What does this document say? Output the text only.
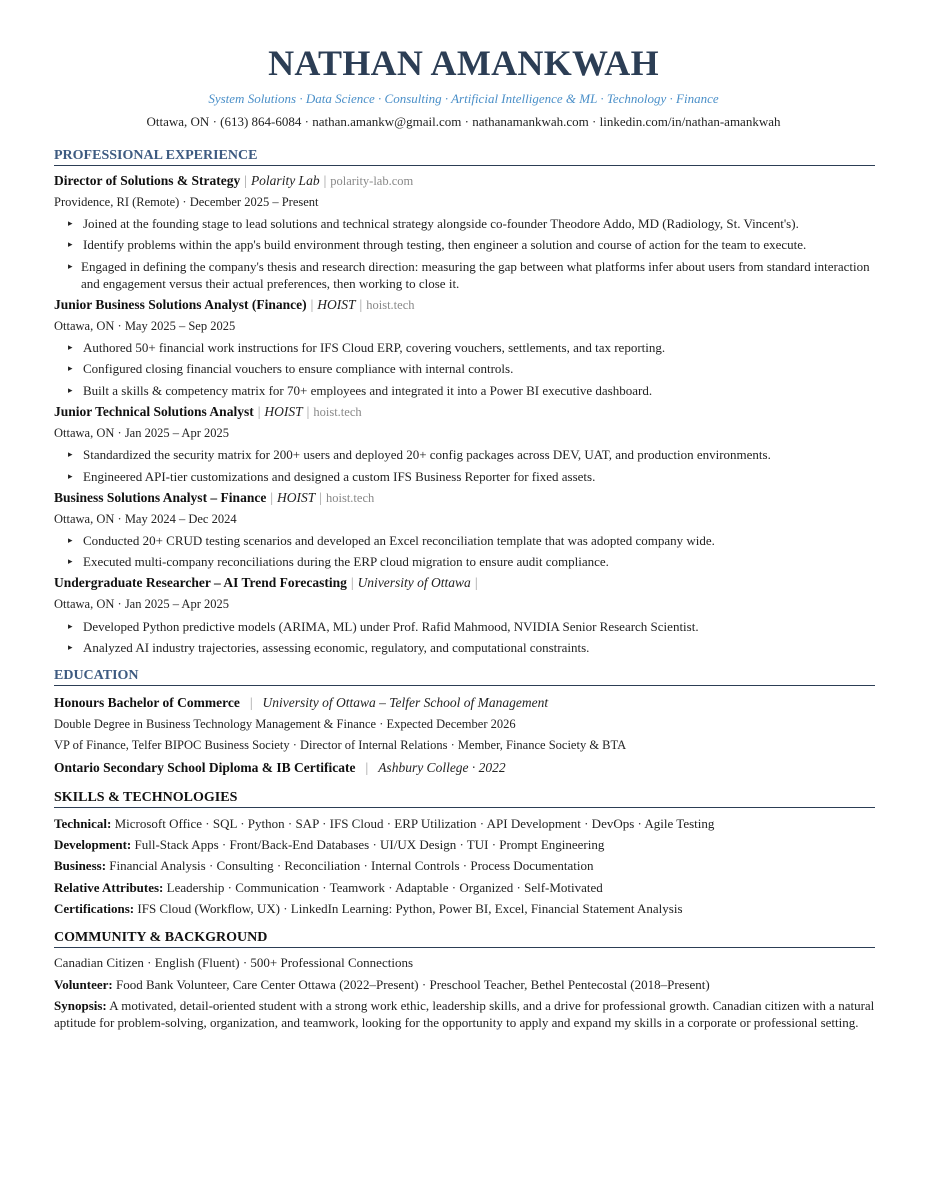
NATHAN AMANKWAH
System Solutions · Data Science · Consulting · Artificial Intelligence & ML · Technology · Finance
Ottawa, ON · (613) 864-6084 · nathan.amankw@gmail.com · nathanamankwah.com · linkedin.com/in/nathan-amankwah
PROFESSIONAL EXPERIENCE
Director of Solutions & Strategy | Polarity Lab | polarity-lab.com
Providence, RI (Remote) · December 2025 – Present
▸ Joined at the founding stage to lead solutions and technical strategy alongside co-founder Theodore Addo, MD (Radiology, St. Vincent's).
▸ Identify problems within the app's build environment through testing, then engineer a solution and course of action for the team to execute.
▸ Engaged in defining the company's thesis and research direction: measuring the gap between what platforms infer about users from standard interaction and engagement versus their actual preferences, then working to close it.
Junior Business Solutions Analyst (Finance) | HOIST | hoist.tech
Ottawa, ON · May 2025 – Sep 2025
▸ Authored 50+ financial work instructions for IFS Cloud ERP, covering vouchers, settlements, and tax reporting.
▸ Configured closing financial vouchers to ensure compliance with internal controls.
▸ Built a skills & competency matrix for 70+ employees and integrated it into a Power BI executive dashboard.
Junior Technical Solutions Analyst | HOIST | hoist.tech
Ottawa, ON · Jan 2025 – Apr 2025
▸ Standardized the security matrix for 200+ users and deployed 20+ config packages across DEV, UAT, and production environments.
▸ Engineered API-tier customizations and designed a custom IFS Business Reporter for fixed assets.
Business Solutions Analyst – Finance | HOIST | hoist.tech
Ottawa, ON · May 2024 – Dec 2024
▸ Conducted 20+ CRUD testing scenarios and developed an Excel reconciliation template that was adopted company wide.
▸ Executed multi-company reconciliations during the ERP cloud migration to ensure audit compliance.
Undergraduate Researcher – AI Trend Forecasting | University of Ottawa |
Ottawa, ON · Jan 2025 – Apr 2025
▸ Developed Python predictive models (ARIMA, ML) under Prof. Rafid Mahmood, NVIDIA Senior Research Scientist.
▸ Analyzed AI industry trajectories, assessing economic, regulatory, and computational constraints.
EDUCATION
Honours Bachelor of Commerce | University of Ottawa – Telfer School of Management
Double Degree in Business Technology Management & Finance · Expected December 2026
VP of Finance, Telfer BIPOC Business Society · Director of Internal Relations · Member, Finance Society & BTA
Ontario Secondary School Diploma & IB Certificate | Ashbury College · 2022
SKILLS & TECHNOLOGIES
Technical: Microsoft Office · SQL · Python · SAP · IFS Cloud · ERP Utilization · API Development · DevOps · Agile Testing
Development: Full-Stack Apps · Front/Back-End Databases · UI/UX Design · TUI · Prompt Engineering
Business: Financial Analysis · Consulting · Reconciliation · Internal Controls · Process Documentation
Relative Attributes: Leadership · Communication · Teamwork · Adaptable · Organized · Self-Motivated
Certifications: IFS Cloud (Workflow, UX) · LinkedIn Learning: Python, Power BI, Excel, Financial Statement Analysis
COMMUNITY & BACKGROUND
Canadian Citizen · English (Fluent) · 500+ Professional Connections
Volunteer: Food Bank Volunteer, Care Center Ottawa (2022–Present) · Preschool Teacher, Bethel Pentecostal (2018–Present)
Synopsis: A motivated, detail-oriented student with a strong work ethic, leadership skills, and a drive for professional growth. Canadian citizen with a natural aptitude for problem-solving, organization, and teamwork, looking for the opportunity to apply and expand my skills in a corporate or professional setting.
